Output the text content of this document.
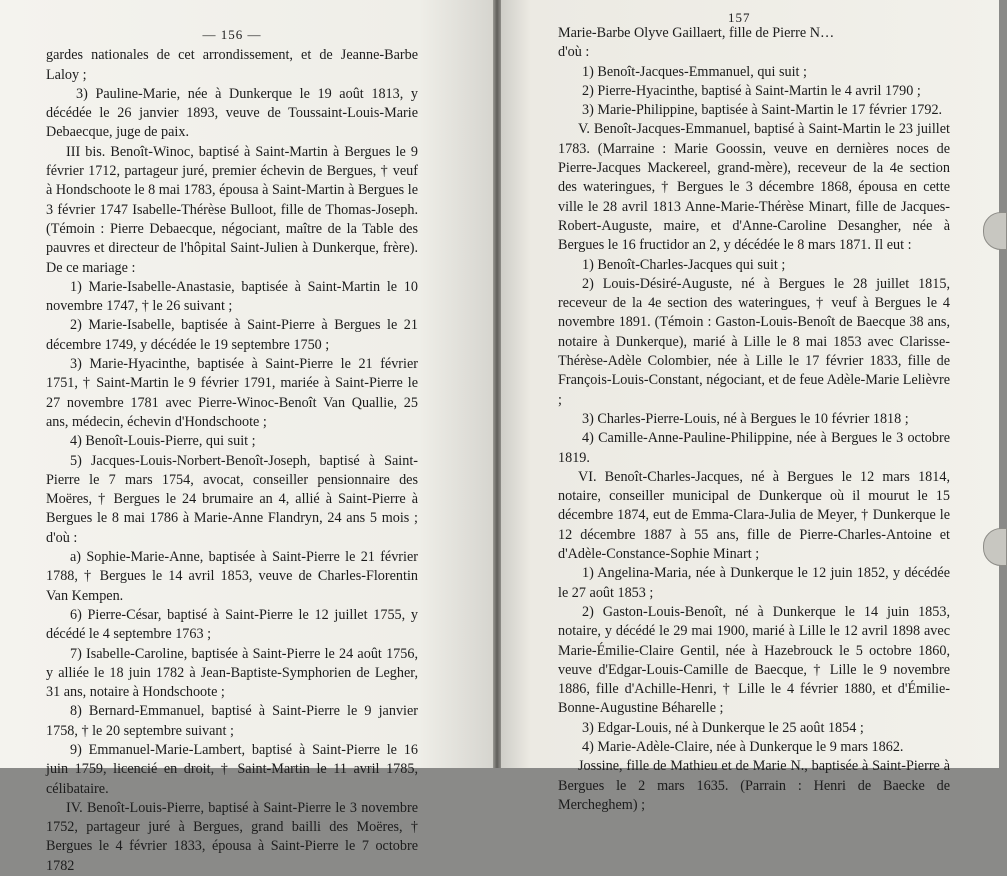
— 156 —

gardes nationales de cet arrondissement, et de Jeanne-Barbe Laloy ;

3) Pauline-Marie, née à Dunkerque le 19 août 1813, y décédée le 26 janvier 1893, veuve de Toussaint-Louis-Marie Debaecque, juge de paix.

III bis. Benoît-Winoc, baptisé à Saint-Martin à Bergues le 9 février 1712, partageur juré, premier échevin de Bergues, † veuf à Hondschoote le 8 mai 1783, épousa à Saint-Martin à Bergues le 3 février 1747 Isabelle-Thérèse Bulloot, fille de Thomas-Joseph. (Témoin : Pierre Debaecque, négociant, maître de la Table des pauvres et directeur de l'hôpital Saint-Julien à Dunkerque, frère). De ce mariage :

1) Marie-Isabelle-Anastasie, baptisée à Saint-Martin le 10 novembre 1747, † le 26 suivant ;

2) Marie-Isabelle, baptisée à Saint-Pierre à Bergues le 21 décembre 1749, y décédée le 19 septembre 1750 ;

3) Marie-Hyacinthe, baptisée à Saint-Pierre le 21 février 1751, † Saint-Martin le 9 février 1791, mariée à Saint-Pierre le 27 novembre 1781 avec Pierre-Winoc-Benoît Van Quallie, 25 ans, médecin, échevin d'Hondschoote ;

4) Benoît-Louis-Pierre, qui suit ;

5) Jacques-Louis-Norbert-Benoît-Joseph, baptisé à Saint-Pierre le 7 mars 1754, avocat, conseiller pensionnaire des Moëres, † Bergues le 24 brumaire an 4, allié à Saint-Pierre à Bergues le 8 mai 1786 à Marie-Anne Flandryn, 24 ans 5 mois ; d'où :

a) Sophie-Marie-Anne, baptisée à Saint-Pierre le 21 février 1788, † Bergues le 14 avril 1853, veuve de Charles-Florentin Van Kempen.

6) Pierre-César, baptisé à Saint-Pierre le 12 juillet 1755, y décédé le 4 septembre 1763 ;

7) Isabelle-Caroline, baptisée à Saint-Pierre le 24 août 1756, y alliée le 18 juin 1782 à Jean-Baptiste-Symphorien de Legher, 31 ans, notaire à Hondschoote ;

8) Bernard-Emmanuel, baptisé à Saint-Pierre le 9 janvier 1758, † le 20 septembre suivant ;

9) Emmanuel-Marie-Lambert, baptisé à Saint-Pierre le 16 juin 1759, licencié en droit, † Saint-Martin le 11 avril 1785, célibataire.

IV. Benoît-Louis-Pierre, baptisé à Saint-Pierre le 3 novembre 1752, partageur juré à Bergues, grand bailli des Moëres, † Bergues le 4 février 1833, épousa à Saint-Pierre le 7 octobre 1782

157

Marie-Barbe Olyve Gaillaert, fille de Pierre N…

d'où :

1) Benoît-Jacques-Emmanuel, qui suit ;

2) Pierre-Hyacinthe, baptisé à Saint-Martin le 4 avril 1790 ;

3) Marie-Philippine, baptisée à Saint-Martin le 17 février 1792.

V. Benoît-Jacques-Emmanuel, baptisé à Saint-Martin le 23 juillet 1783. (Marraine : Marie Goossin, veuve en dernières noces de Pierre-Jacques Mackereel, grand-mère), receveur de la 4e section des wateringues, † Bergues le 3 décembre 1868, épousa en cette ville le 28 avril 1813 Anne-Marie-Thérèse Minart, fille de Jacques-Robert-Auguste, maire, et d'Anne-Caroline Desangher, née à Bergues le 16 fructidor an 2, y décédée le 8 mars 1871. Il eut :

1) Benoît-Charles-Jacques qui suit ;

2) Louis-Désiré-Auguste, né à Bergues le 28 juillet 1815, receveur de la 4e section des wateringues, † veuf à Bergues le 4 novembre 1891. (Témoin : Gaston-Louis-Benoît de Baecque 38 ans, notaire à Dunkerque), marié à Lille le 8 mai 1853 avec Clarisse-Thérèse-Adèle Colombier, née à Lille le 17 février 1833, fille de François-Louis-Constant, négociant, et de feue Adèle-Marie Lelièvre ;

3) Charles-Pierre-Louis, né à Bergues le 10 février 1818 ;

4) Camille-Anne-Pauline-Philippine, née à Bergues le 3 octobre 1819.

VI. Benoît-Charles-Jacques, né à Bergues le 12 mars 1814, notaire, conseiller municipal de Dunkerque où il mourut le 15 décembre 1874, eut de Emma-Clara-Julia de Meyer, † Dunkerque le 12 décembre 1887 à 55 ans, fille de Pierre-Charles-Antoine et d'Adèle-Constance-Sophie Minart ;

1) Angelina-Maria, née à Dunkerque le 12 juin 1852, y décédée le 27 août 1853 ;

2) Gaston-Louis-Benoît, né à Dunkerque le 14 juin 1853, notaire, y décédé le 29 mai 1900, marié à Lille le 12 avril 1898 avec Marie-Émilie-Claire Gentil, née à Hazebrouck le 5 octobre 1860, veuve d'Edgar-Louis-Camille de Baecque, † Lille le 9 novembre 1886, fille d'Achille-Henri, † Lille le 4 février 1880, et d'Émilie-Bonne-Augustine Béharelle ;

3) Edgar-Louis, né à Dunkerque le 25 août 1854 ;

4) Marie-Adèle-Claire, née à Dunkerque le 9 mars 1862.

Jossine, fille de Mathieu et de Marie N., baptisée à Saint-Pierre à Bergues le 2 mars 1635. (Parrain : Henri de Baecke de Mercheghem) ;
